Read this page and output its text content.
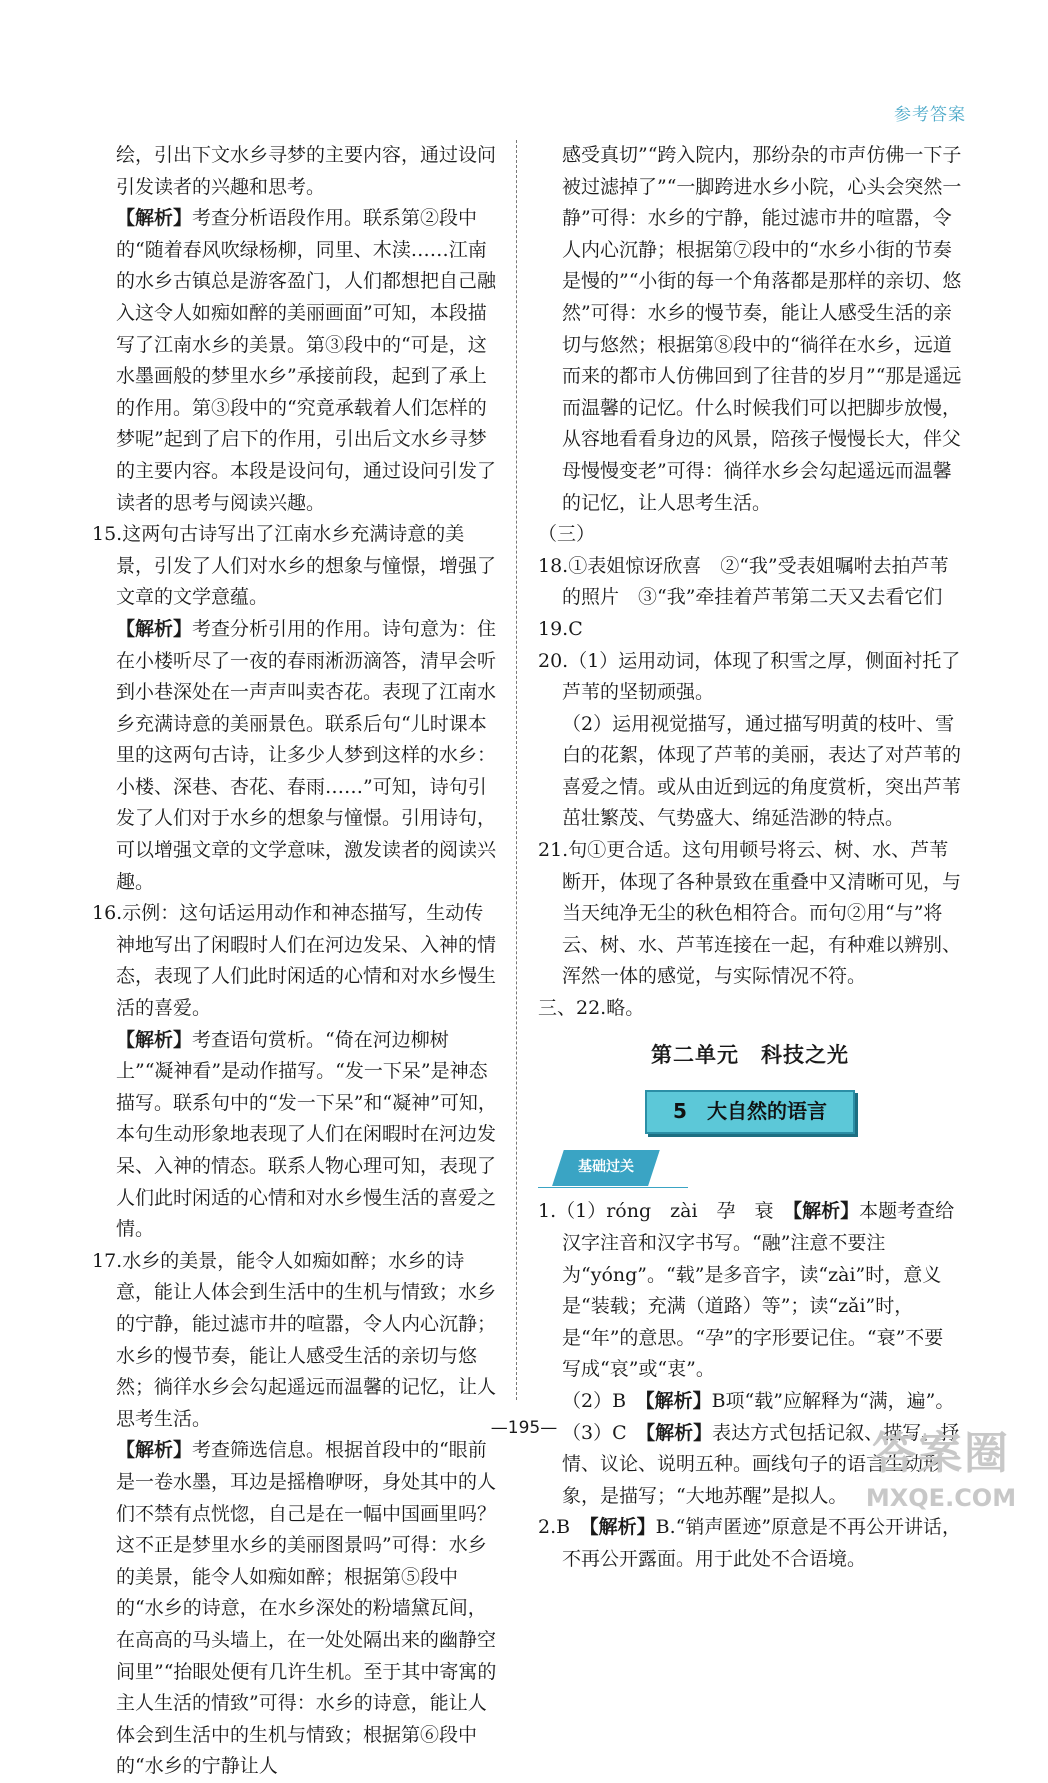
参考答案

绘，引出下文水乡寻梦的主要内容，通过设问引发读者的兴趣和思考。

【解析】考查分析语段作用。联系第②段中的“随着春风吹绿杨柳，同里、木渎……江南的水乡古镇总是游客盈门，人们都想把自己融入这令人如痴如醉的美丽画面”可知，本段描写了江南水乡的美景。第③段中的“可是，这水墨画般的梦里水乡”承接前段，起到了承上的作用。第③段中的“究竟承载着人们怎样的梦呢”起到了启下的作用，引出后文水乡寻梦的主要内容。本段是设问句，通过设问引发了读者的思考与阅读兴趣。

15.这两句古诗写出了江南水乡充满诗意的美景，引发了人们对水乡的想象与憧憬，增强了文章的文学意蕴。

【解析】考查分析引用的作用。诗句意为：住在小楼听尽了一夜的春雨淅沥滴答，清早会听到小巷深处在一声声叫卖杏花。表现了江南水乡充满诗意的美丽景色。联系后句“儿时课本里的这两句古诗，让多少人梦到这样的水乡：小楼、深巷、杏花、春雨……”可知，诗句引发了人们对于水乡的想象与憧憬。引用诗句，可以增强文章的文学意味，激发读者的阅读兴趣。

16.示例：这句话运用动作和神态描写，生动传神地写出了闲暇时人们在河边发呆、入神的情态，表现了人们此时闲适的心情和对水乡慢生活的喜爱。

【解析】考查语句赏析。“倚在河边柳树上”“凝神看”是动作描写。“发一下呆”是神态描写。联系句中的“发一下呆”和“凝神”可知，本句生动形象地表现了人们在闲暇时在河边发呆、入神的情态。联系人物心理可知，表现了人们此时闲适的心情和对水乡慢生活的喜爱之情。

17.水乡的美景，能令人如痴如醉；水乡的诗意，能让人体会到生活中的生机与情致；水乡的宁静，能过滤市井的喧嚣，令人内心沉静；水乡的慢节奏，能让人感受生活的亲切与悠然；徜徉水乡会勾起遥远而温馨的记忆，让人思考生活。

【解析】考查筛选信息。根据首段中的“眼前是一卷水墨，耳边是摇橹咿呀，身处其中的人们不禁有点恍惚，自己是在一幅中国画里吗？这不正是梦里水乡的美丽图景吗”可得：水乡的美景，能令人如痴如醉；根据第⑤段中的“水乡的诗意，在水乡深处的粉墙黛瓦间，在高高的马头墙上，在一处处隔出来的幽静空间里”“抬眼处便有几许生机。至于其中寄寓的主人生活的情致”可得：水乡的诗意，能让人体会到生活中的生机与情致；根据第⑥段中的“水乡的宁静让人

感受真切”“跨入院内，那纷杂的市声仿佛一下子被过滤掉了”“一脚跨进水乡小院，心头会突然一静”可得：水乡的宁静，能过滤市井的喧嚣，令人内心沉静；根据第⑦段中的“水乡小街的节奏是慢的”“小街的每一个角落都是那样的亲切、悠然”可得：水乡的慢节奏，能让人感受生活的亲切与悠然；根据第⑧段中的“徜徉在水乡，远道而来的都市人仿佛回到了往昔的岁月”“那是遥远而温馨的记忆。什么时候我们可以把脚步放慢，从容地看看身边的风景，陪孩子慢慢长大，伴父母慢慢变老”可得：徜徉水乡会勾起遥远而温馨的记忆，让人思考生活。

（三）

18.①表姐惊讶欣喜　②“我”受表姐嘱咐去拍芦苇的照片　③“我”牵挂着芦苇第二天又去看它们

19.C

20.（1）运用动词，体现了积雪之厚，侧面衬托了芦苇的坚韧顽强。

（2）运用视觉描写，通过描写明黄的枝叶、雪白的花絮，体现了芦苇的美丽，表达了对芦苇的喜爱之情。或从由近到远的角度赏析，突出芦苇茁壮繁茂、气势盛大、绵延浩渺的特点。

21.句①更合适。这句用顿号将云、树、水、芦苇断开，体现了各种景致在重叠中又清晰可见，与当天纯净无尘的秋色相符合。而句②用“与”将云、树、水、芦苇连接在一起，有种难以辨别、浑然一体的感觉，与实际情况不符。

三、22.略。

第二单元　科技之光
5　大自然的语言
基础过关

1.（1）róng　zài　孕　衰　【解析】本题考查给汉字注音和汉字书写。“融”注意不要注为“yóng”。“载”是多音字，读“zài”时，意义是“装载；充满（道路）等”；读“zǎi”时，是“年”的意思。“孕”的字形要记住。“衰”不要写成“哀”或“衷”。

（2）B　【解析】B项“载”应解释为“满，遍”。

（3）C　【解析】表达方式包括记叙、描写、抒情、议论、说明五种。画线句子的语言生动形象，是描写；“大地苏醒”是拟人。

2.B　【解析】B.“销声匿迹”原意是不再公开讲话，不再公开露面。用于此处不合语境。

—195—	答案圈
MXQE.COM
